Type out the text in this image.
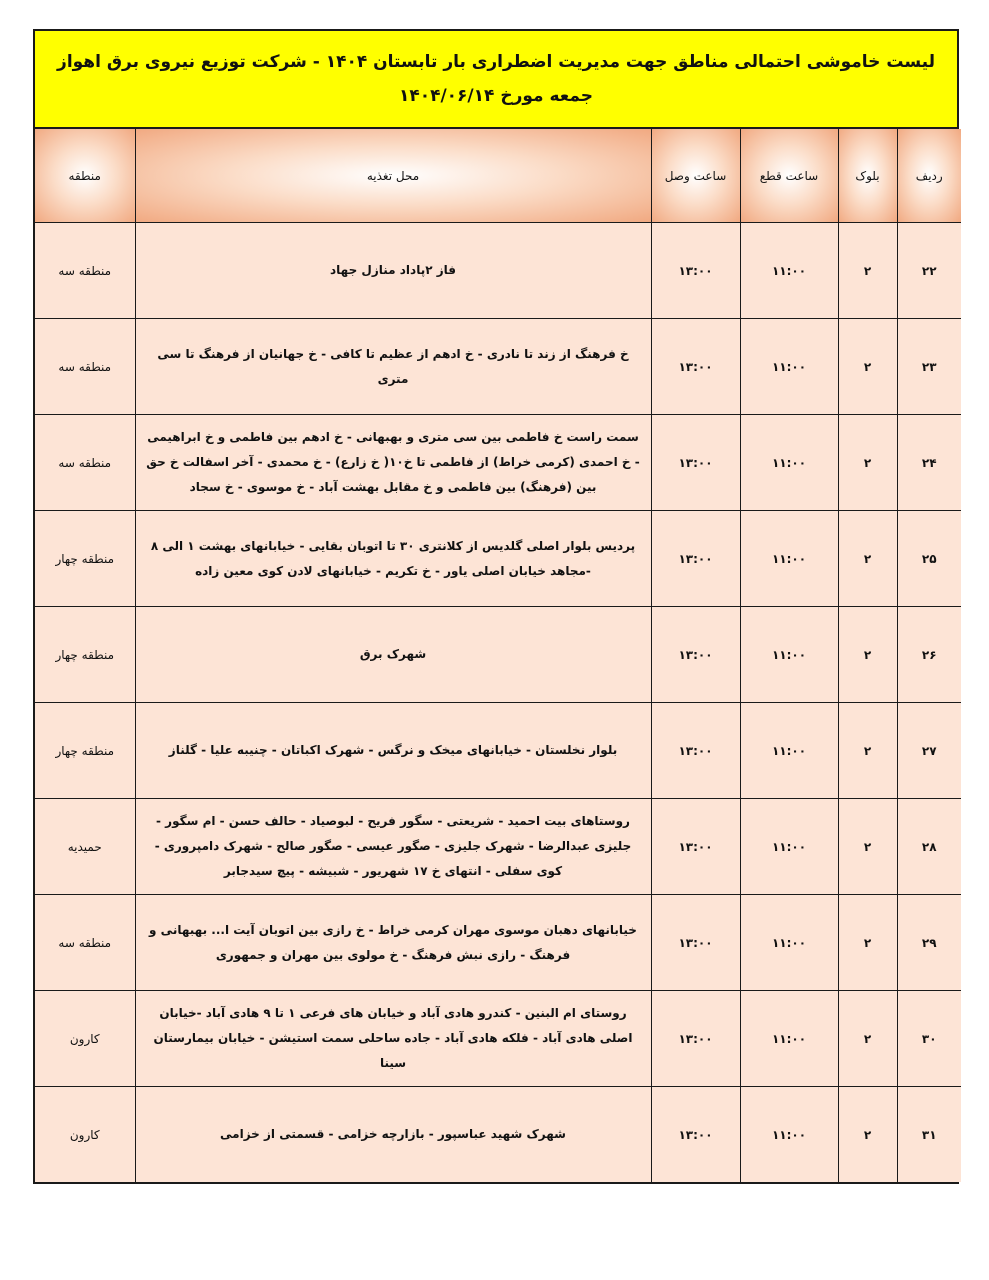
لیست خاموشی احتمالی مناطق جهت مدیریت اضطراری بار تابستان ۱۴۰۴ - شرکت توزیع نیروی برق اهواز
جمعه مورخ ۱۴۰۴/۰۶/۱۴
ردیف	بلوک	ساعت قطع	ساعت وصل	محل تغذیه	منطقه
۲۲	۲	۱۱:۰۰	۱۳:۰۰	فاز ۲پاداد منازل جهاد	منطقه سه
۲۳	۲	۱۱:۰۰	۱۳:۰۰	خ فرهنگ از زند تا نادری - خ ادهم از عظیم تا کافی - خ جهانیان از فرهنگ تا سی متری	منطقه سه
۲۴	۲	۱۱:۰۰	۱۳:۰۰	سمت راست خ فاطمی بین سی متری و بهبهانی - خ ادهم بین فاطمی و خ ابراهیمی - خ احمدی (کرمی خراط) از فاطمی تا خ۱۰( خ زارع) - خ محمدی - آخر اسفالت خ حق بین (فرهنگ) بین فاطمی و خ مقابل بهشت آباد - خ موسوی - خ سجاد	منطقه سه
۲۵	۲	۱۱:۰۰	۱۳:۰۰	پردیس بلوار اصلی گلدیس از کلانتری ۳۰ تا اتوبان بقایی - خیابانهای بهشت ۱ الی ۸ -مجاهد خیابان اصلی یاور - خ تکریم - خیابانهای لادن کوی معین زاده	منطقه چهار
۲۶	۲	۱۱:۰۰	۱۳:۰۰	شهرک برق	منطقه چهار
۲۷	۲	۱۱:۰۰	۱۳:۰۰	بلوار نخلستان - خیابانهای میخک و نرگس - شهرک اکباتان - چنیبه علیا - گلناز	منطقه چهار
۲۸	۲	۱۱:۰۰	۱۳:۰۰	روستاهای بیت احمید - شریعتی - سگور فریح - لبوصیاد - حالف حسن - ام سگور - جلیزی عبدالرضا - شهرک جلیزی - صگور عیسی - صگور صالح - شهرک دامپروری - کوی سفلی - انتهای خ ۱۷ شهریور - شبیشه - پیچ سیدجابر	حمیدیه
۲۹	۲	۱۱:۰۰	۱۳:۰۰	خیابانهای دهبان موسوی مهران کرمی خراط - خ رازی بین اتوبان آیت ا... بهبهانی و فرهنگ - رازی نبش فرهنگ - خ مولوی بین مهران و جمهوری	منطقه سه
۳۰	۲	۱۱:۰۰	۱۳:۰۰	روستای ام البنین - کندرو هادی آباد و خیابان های فرعی ۱ تا ۹ هادی آباد -خیابان اصلی هادی آباد - فلکه هادی آباد - جاده ساحلی سمت استیشن - خیابان بیمارستان سینا	کارون
۳۱	۲	۱۱:۰۰	۱۳:۰۰	شهرک شهید عباسپور - بازارچه خزامی - قسمتی از خزامی	کارون
